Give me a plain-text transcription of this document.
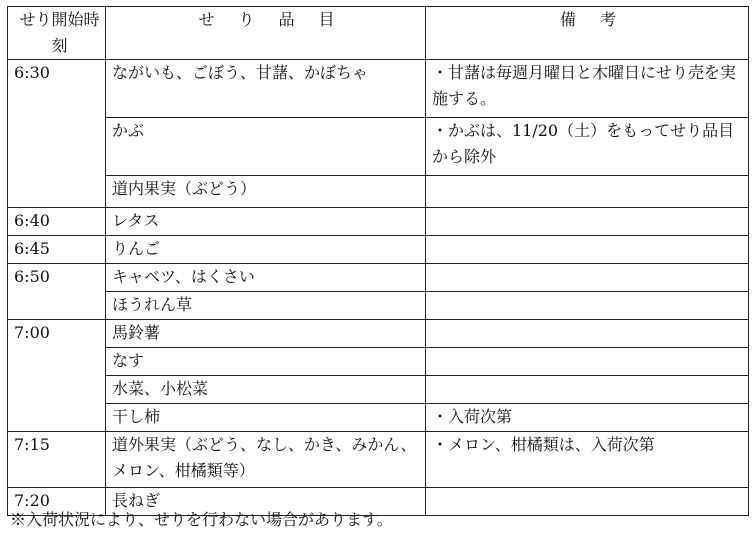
せり開始時刻	せ　り　品　目	備　考
6:30	ながいも、ごぼう、甘藷、かぼちゃ	・甘藷は毎週月曜日と木曜日にせり売を実施する。
	かぶ	・かぶは、11/20（土）をもってせり品目から除外
	道内果実（ぶどう）	
6:40	レタス	
6:45	りんご	
6:50	キャベツ、はくさい	
	ほうれん草	
7:00	馬鈴薯	
	なす	
	水菜、小松菜	
	干し柿	・入荷次第
7:15	道外果実（ぶどう、なし、かき、みかん、メロン、柑橘類等）	・メロン、柑橘類は、入荷次第
7:20	長ねぎ	
※入荷状況により、せりを行わない場合があります。
